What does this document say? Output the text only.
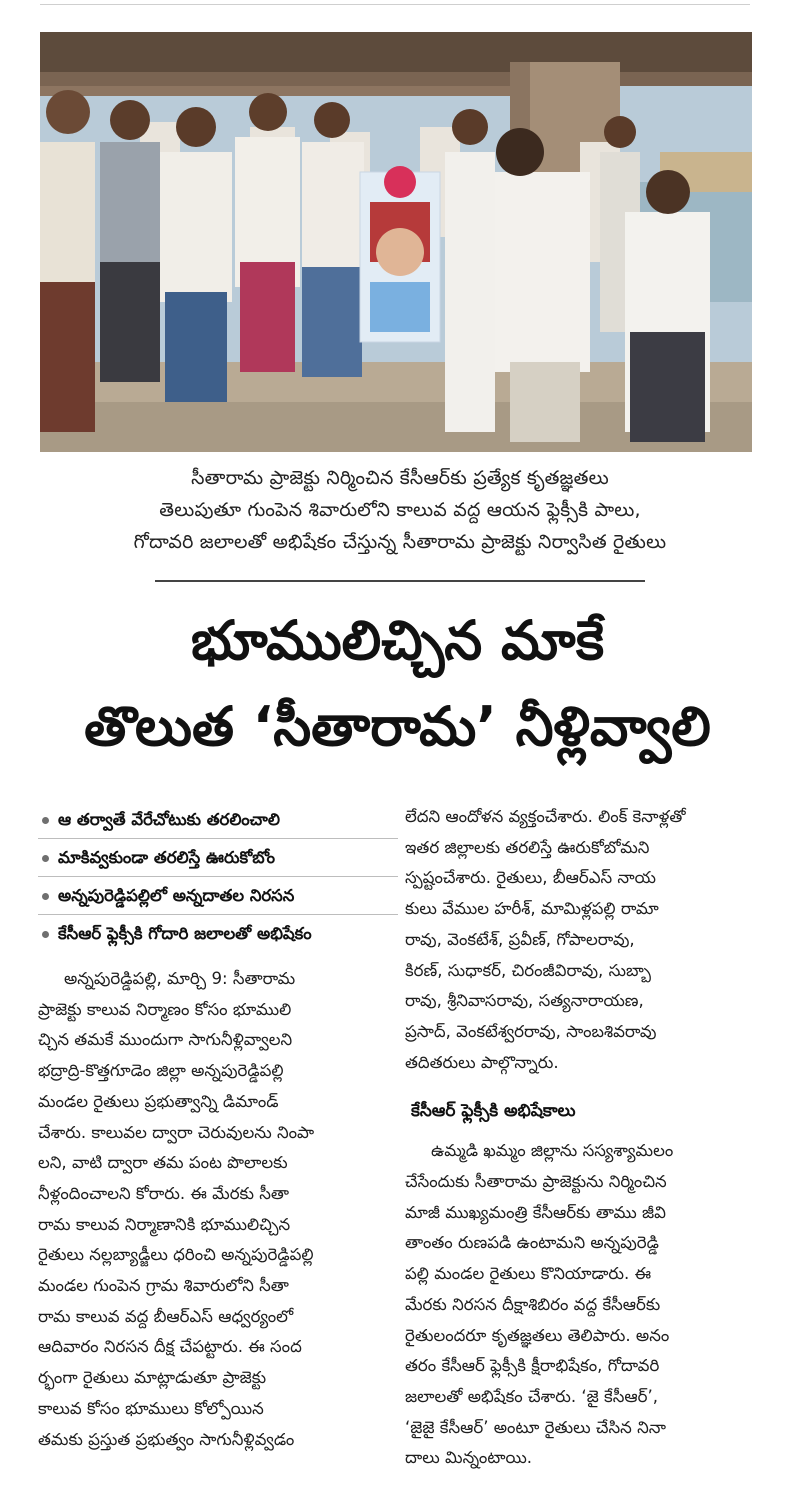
సీతారామ ప్రాజెక్టు నిర్మించిన కేసీఆర్‌కు ప్రత్యేక కృతజ్ఞతలు
తెలుపుతూ గుంపెన శివారులోని కాలువ వద్ద ఆయన ఫ్లెక్సీకి పాలు,
గోదావరి జలాలతో అభిషేకం చేస్తున్న సీతారామ ప్రాజెక్టు నిర్వాసిత రైతులు
భూములిచ్చిన మాకే
తొలుత ‘సీతారామ’ నీళ్లివ్వాలి
ఆ తర్వాతే వేరేచోటుకు తరలించాలి
మాకివ్వకుండా తరలిస్తే ఊరుకోబోం
అన్నపురెడ్డిపల్లిలో అన్నదాతల నిరసన
కేసీఆర్ ఫ్లెక్సీకి గోదారి జలాలతో అభిషేకం
అన్నపురెడ్డిపల్లి, మార్చి 9: సీతారామ
ప్రాజెక్టు కాలువ నిర్మాణం కోసం భూములి
చ్చిన తమకే ముందుగా సాగునీళ్లివ్వాలని
భద్రాద్రి-కొత్తగూడెం జిల్లా అన్నపురెడ్డిపల్లి
మండల రైతులు ప్రభుత్వాన్ని డిమాండ్
చేశారు. కాలువల ద్వారా చెరువులను నింపా
లని, వాటి ద్వారా తమ పంట పొలాలకు
నీళ్లందించాలని కోరారు. ఈ మేరకు సీతా
రామ కాలువ నిర్మాణానికి భూములిచ్చిన
రైతులు నల్లబ్యాడ్జీలు ధరించి అన్నపురెడ్డిపల్లి
మండల గుంపెన గ్రామ శివారులోని సీతా
రామ కాలువ వద్ద బీఆర్ఎస్ ఆధ్వర్యంలో
ఆదివారం నిరసన దీక్ష చేపట్టారు. ఈ సంద
ర్భంగా రైతులు మాట్లాడుతూ ప్రాజెక్టు
కాలువ కోసం భూములు కోల్పోయిన
తమకు ప్రస్తుత ప్రభుత్వం సాగునీళ్లివ్వడం
లేదని ఆందోళన వ్యక్తంచేశారు. లింక్ కెనాళ్లతో
ఇతర జిల్లాలకు తరలిస్తే ఊరుకోబోమని
స్పష్టంచేశారు. రైతులు, బీఆర్ఎస్ నాయ
కులు వేముల హరీశ్, మామిళ్లపల్లి రామా
రావు, వెంకటేశ్, ప్రవీణ్, గోపాలరావు,
కిరణ్, సుధాకర్, చిరంజీవిరావు, సుబ్బా
రావు, శ్రీనివాసరావు, సత్యనారాయణ,
ప్రసాద్, వెంకటేశ్వరరావు, సాంబశివరావు
తదితరులు పాల్గొన్నారు.
కేసీఆర్ ఫ్లెక్సీకి అభిషేకాలు
ఉమ్మడి ఖమ్మం జిల్లాను సస్యశ్యామలం
చేసేందుకు సీతారామ ప్రాజెక్టును నిర్మించిన
మాజీ ముఖ్యమంత్రి కేసీఆర్‌కు తాము జీవి
తాంతం రుణపడి ఉంటామని అన్నపురెడ్డి
పల్లి మండల రైతులు కొనియాడారు. ఈ
మేరకు నిరసన దీక్షాశిబిరం వద్ద కేసీఆర్‌కు
రైతులందరూ కృతజ్ఞతలు తెలిపారు. అనం
తరం కేసీఆర్ ఫ్లెక్సీకి క్షీరాభిషేకం, గోదావరి
జలాలతో అభిషేకం చేశారు. ‘జై కేసీఆర్’,
‘జైజై కేసీఆర్’ అంటూ రైతులు చేసిన నినా
దాలు మిన్నంటాయి.
